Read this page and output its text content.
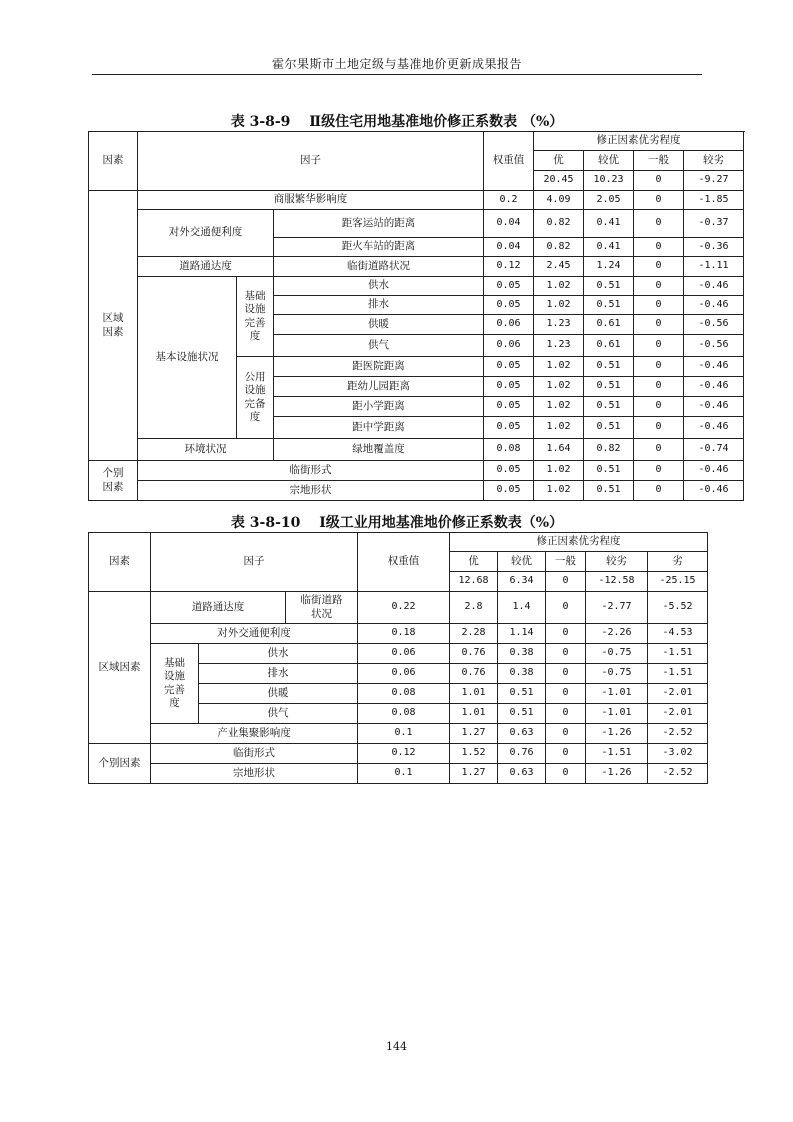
霍尔果斯市土地定级与基准地价更新成果报告
表 3-8-9　 Ⅱ级住宅用地基准地价修正系数表 （%）
因素	因子			权重值	修正因素优劣程度				
					优	较优	一般	较劣	
					20.45	10.23	0	-9.27	
区域
因素	商服繁华影响度			0.2	4.09	2.05	0	-1.85	
	对外交通便利度		距客运站的距离	0.04	0.82	0.41	0	-0.37	
			距火车站的距离	0.04	0.82	0.41	0	-0.36	
	道路通达度		临街道路状况	0.12	2.45	1.24	0	-1.11	
	基本设施状况	基础
设施
完善
度	供水	0.05	1.02	0.51	0	-0.46	
			排水	0.05	1.02	0.51	0	-0.46	
			供暖	0.06	1.23	0.61	0	-0.56	
			供气	0.06	1.23	0.61	0	-0.56	
		公用
设施
完备
度	距医院距离	0.05	1.02	0.51	0	-0.46	
			距幼儿园距离	0.05	1.02	0.51	0	-0.46	
			距小学距离	0.05	1.02	0.51	0	-0.46	
			距中学距离	0.05	1.02	0.51	0	-0.46	
	环境状况		绿地覆盖度	0.08	1.64	0.82	0	-0.74	
个别
因素	临街形式			0.05	1.02	0.51	0	-0.46	
	宗地形状			0.05	1.02	0.51	0	-0.46	
表 3-8-10　 Ⅰ级工业用地基准地价修正系数表（%）
因素	因子			权重值	修正因素优劣程度				
					优	较优	一般	较劣	劣
					12.68	6.34	0	-12.58	-25.15
区域因素	道路通达度		临街道路
状况	0.22	2.8	1.4	0	-2.77	-5.52
	对外交通便利度			0.18	2.28	1.14	0	-2.26	-4.53
	基础
设施
完善
度	供水		0.06	0.76	0.38	0	-0.75	-1.51
		排水		0.06	0.76	0.38	0	-0.75	-1.51
		供暖		0.08	1.01	0.51	0	-1.01	-2.01
		供气		0.08	1.01	0.51	0	-1.01	-2.01
	产业集聚影响度			0.1	1.27	0.63	0	-1.26	-2.52
个别因素	临街形式			0.12	1.52	0.76	0	-1.51	-3.02
	宗地形状			0.1	1.27	0.63	0	-1.26	-2.52
144
